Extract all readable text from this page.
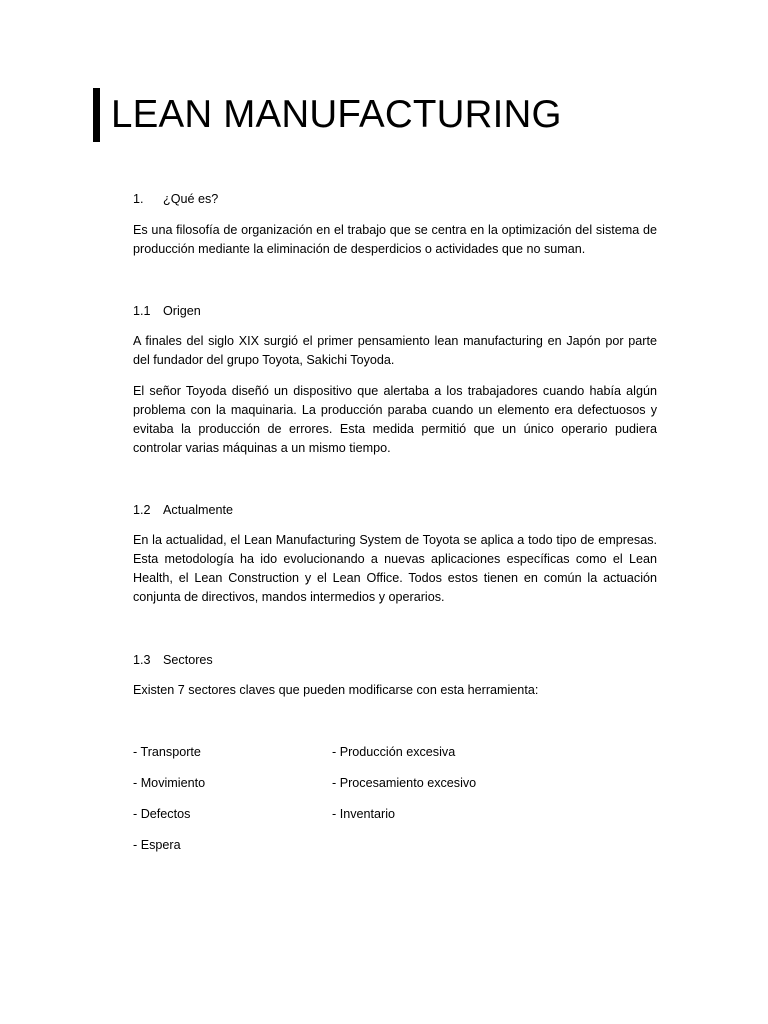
LEAN MANUFACTURING
1. ¿Qué es?

Es una filosofía de organización en el trabajo que se centra en la optimización del sistema de producción mediante la eliminación de desperdicios o actividades que no suman.

1.1 Origen

A finales del siglo XIX surgió el primer pensamiento lean manufacturing en Japón por parte del fundador del grupo Toyota, Sakichi Toyoda.

El señor Toyoda diseñó un dispositivo que alertaba a los trabajadores cuando había algún problema con la maquinaria. La producción paraba cuando un elemento era defectuosos y evitaba la producción de errores. Esta medida permitió que un único operario pudiera controlar varias máquinas a un mismo tiempo.

1.2 Actualmente

En la actualidad, el Lean Manufacturing System de Toyota se aplica a todo tipo de empresas. Esta metodología ha ido evolucionando a nuevas aplicaciones específicas como el Lean Health, el Lean Construction y el Lean Office. Todos estos tienen en común la actuación conjunta de directivos, mandos intermedios y operarios.

1.3 Sectores

Existen 7 sectores claves que pueden modificarse con esta herramienta:

- Transporte
- Movimiento
- Defectos
- Espera
- Producción excesiva
- Procesamiento excesivo
- Inventario
